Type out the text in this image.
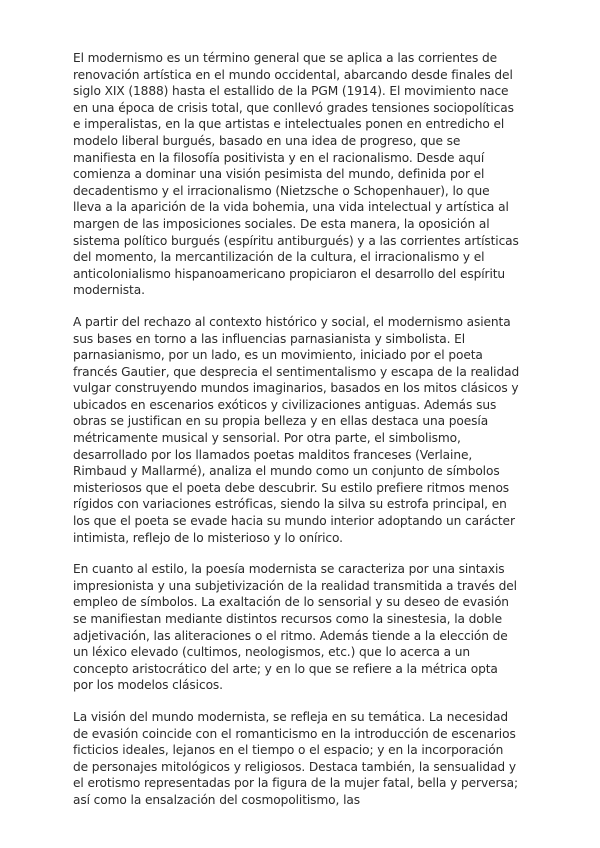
El modernismo es un término general que se aplica a las corrientes de renovación artística en el mundo occidental, abarcando desde finales del siglo XIX (1888) hasta el estallido de la PGM (1914). El movimiento nace en una época de crisis total, que conllevó grades tensiones sociopolíticas e imperalistas, en la que artistas e intelectuales ponen en entredicho el modelo liberal burgués, basado en una idea de progreso, que se manifiesta en la filosofía positivista y en el racionalismo. Desde aquí comienza a dominar una visión pesimista del mundo, definida por el decadentismo y el irracionalismo (Nietzsche o Schopenhauer), lo que lleva a la aparición de la vida bohemia, una vida intelectual y artística al margen de las imposiciones sociales. De esta manera, la oposición al sistema político burgués (espíritu antiburgués) y a las corrientes artísticas del momento, la mercantilización de la cultura, el irracionalismo y el anticolonialismo hispanoamericano propiciaron el desarrollo del espíritu modernista.

A partir del rechazo al contexto histórico y social, el modernismo asienta sus bases en torno a las influencias parnasianista y simbolista. El parnasianismo, por un lado, es un movimiento, iniciado por el poeta francés Gautier, que desprecia el sentimentalismo y escapa de la realidad vulgar construyendo mundos imaginarios, basados en los mitos clásicos y ubicados en escenarios exóticos y civilizaciones antiguas. Además sus obras se justifican en su propia belleza y en ellas destaca una poesía métricamente musical y sensorial. Por otra parte, el simbolismo, desarrollado por los llamados poetas malditos franceses (Verlaine, Rimbaud y Mallarmé), analiza el mundo como un conjunto de símbolos misteriosos que el poeta debe descubrir. Su estilo prefiere ritmos menos rígidos con variaciones estróficas, siendo la silva su estrofa principal, en los que el poeta se evade hacia su mundo interior adoptando un carácter intimista, reflejo de lo misterioso y lo onírico.

En cuanto al estilo, la poesía modernista se caracteriza por una sintaxis impresionista y una subjetivización de la realidad transmitida a través del empleo de símbolos. La exaltación de lo sensorial y su deseo de evasión se manifiestan mediante distintos recursos como la sinestesia, la doble adjetivación, las aliteraciones o el ritmo. Además tiende a la elección de un léxico elevado (cultimos, neologismos, etc.) que lo acerca a un concepto aristocrático del arte; y en lo que se refiere a la métrica opta por los modelos clásicos.

La visión del mundo modernista, se refleja en su temática. La necesidad de evasión coincide con el romanticismo en la introducción de escenarios ficticios ideales, lejanos en el tiempo o el espacio; y en la incorporación de personajes mitológicos y religiosos. Destaca también, la sensualidad y el erotismo representadas por la figura de la mujer fatal, bella y perversa; así como la ensalzación del cosmopolitismo, las
